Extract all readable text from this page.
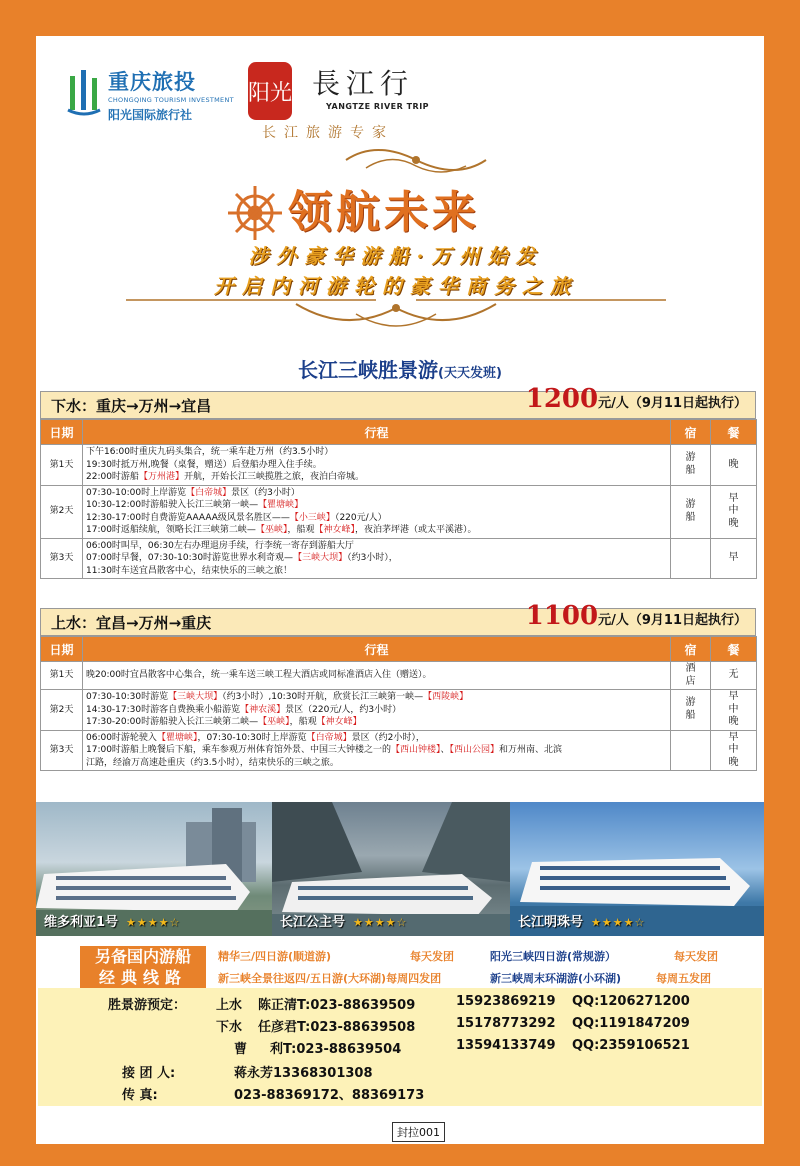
重庆旅投
CHONGQING TOURISM INVESTMENT
阳光国际旅行社
阳光 長江行
YANGTZE RIVER TRIP
长江旅游专家
领航未来
涉外豪华游船·万州始发
开启内河游轮的豪华商务之旅
长江三峡胜景游(天天发班)
下水：重庆→万州→宜昌	1200元/人（9月11日起执行）
日期	行程	宿	餐
第1天	下午16:00时重庆九码头集合，统一乘车赴万州（约3.5小时）
19:30时抵万州,晚餐（桌餐，赠送）后登船办理入住手续。
22:00时游船【万州港】开航，开始长江三峡揽胜之旅，夜泊白帝城。	游船	晚
第2天	07:30-10:00时上岸游览【白帝城】景区（约3小时）
10:30-12:00时游船驶入长江三峡第一峡—【瞿塘峡】
12:30-17:00时自费游览AAAAA级风景名胜区——【小三峡】（220元/人）
17:00时返船续航，领略长江三峡第二峡—【巫峡】，船观【神女峰】，夜泊茅坪港（或太平溪港）。	游船	早中晚
第3天	06:00时叫早，06:30左右办理退房手续，行李统一寄存到游船大厅
07:00时早餐，07:30-10:30时游览世界水利奇观—【三峡大坝】（约3小时），
11:30时车送宜昌散客中心，结束快乐的三峡之旅！		早
上水：宜昌→万州→重庆	1100元/人（9月11日起执行）
日期	行程	宿	餐
第1天	晚20:00时宜昌散客中心集合，统一乘车送三峡工程大酒店或同标准酒店入住（赠送）。	酒店	无
第2天	07:30-10:30时游览【三峡大坝】（约3小时）,10:30时开航，欣赏长江三峡第一峡—【西陵峡】
14:30-17:30时游客自费换乘小船游览【神农溪】景区（220元/人，约3小时）
17:30-20:00时游船驶入长江三峡第二峡—【巫峡】，船观【神女峰】	游船	早中晚
第3天	06:00时游轮驶入【瞿塘峡】，07:30-10:30时上岸游览【白帝城】景区（约2小时），
17:00时游船上晚餐后下船，乘车参观万州体育馆外景、中国三大钟楼之一的【西山钟楼】、【西山公园】和万州南、北滨
江路，经渝万高速赴重庆（约3.5小时），结束快乐的三峡之旅。		早中晚
维多利亚1号 ★★★★☆	长江公主号 ★★★★☆	长江明珠号 ★★★★☆
另备国内游船
经典线路
精华三/四日游(顺道游)	每天发团	阳光三峡四日游(常规游）	每天发团
新三峡全景往返四/五日游(大环湖)每周四发团	新三峡周末环湖游(小环湖)	每周五发团
胜景游预定： 上水 陈正清T:023-88639509	15923869219 QQ:1206271200
下水 任彦君T:023-88639508	15178773292 QQ:1191847209
曹 利T:023-88639504	13594133749 QQ:2359106521
接 团 人:	蒋永芳13368301308
传 真:	023-88369172、88369173
封拉001
